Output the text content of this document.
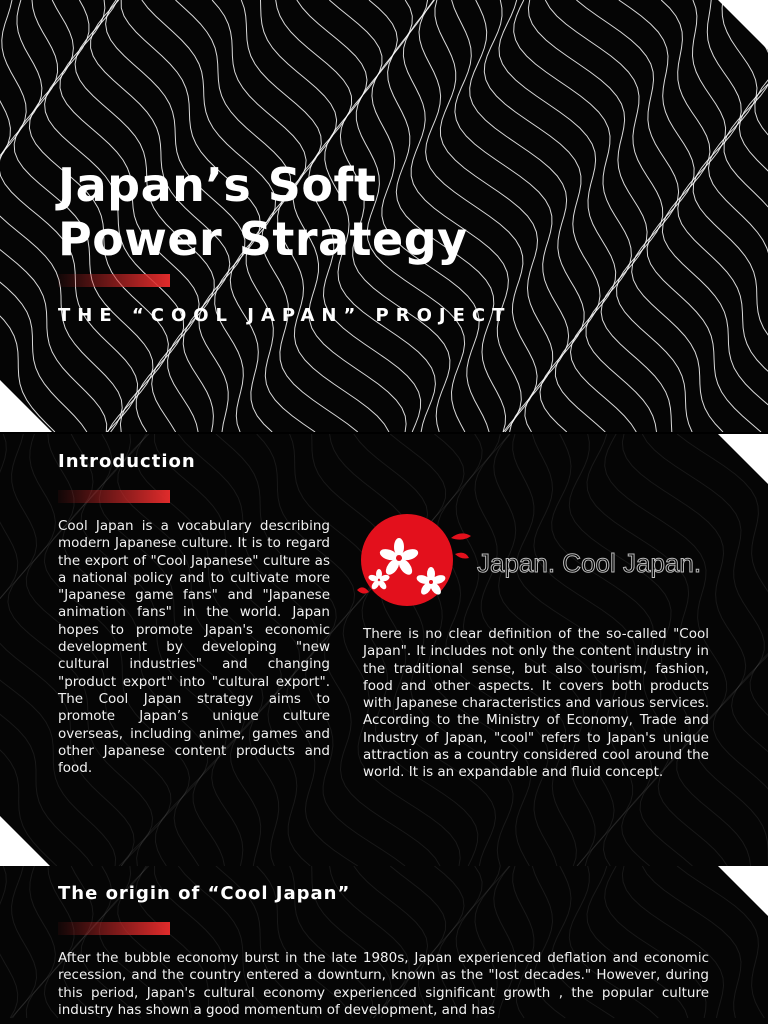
Japan’s Soft
Power Strategy
THE “COOL JAPAN” PROJECT
Introduction
Cool Japan is a vocabulary describing modern Japanese culture. It is to regard the export of "Cool Japanese" culture as a national policy and to cultivate more "Japanese game fans" and "Japanese animation fans" in the world. Japan hopes to promote Japan's economic development by developing "new cultural industries" and changing "product export" into "cultural export". The Cool Japan strategy aims to promote Japan’s unique culture overseas, including anime, games and other Japanese content products and food.
Japan. Cool Japan.
There is no clear definition of the so-called "Cool Japan". It includes not only the content industry in the traditional sense, but also tourism, fashion, food and other aspects. It covers both products with Japanese characteristics and various services. According to the Ministry of Economy, Trade and Industry of Japan, "cool" refers to Japan's unique attraction as a country considered cool around the world. It is an expandable and fluid concept.
The origin of “Cool Japan”
After the bubble economy burst in the late 1980s, Japan experienced deflation and economic recession, and the country entered a downturn, known as the "lost decades." However, during this period, Japan's cultural economy experienced significant growth , the popular culture industry has shown a good momentum of development, and has
